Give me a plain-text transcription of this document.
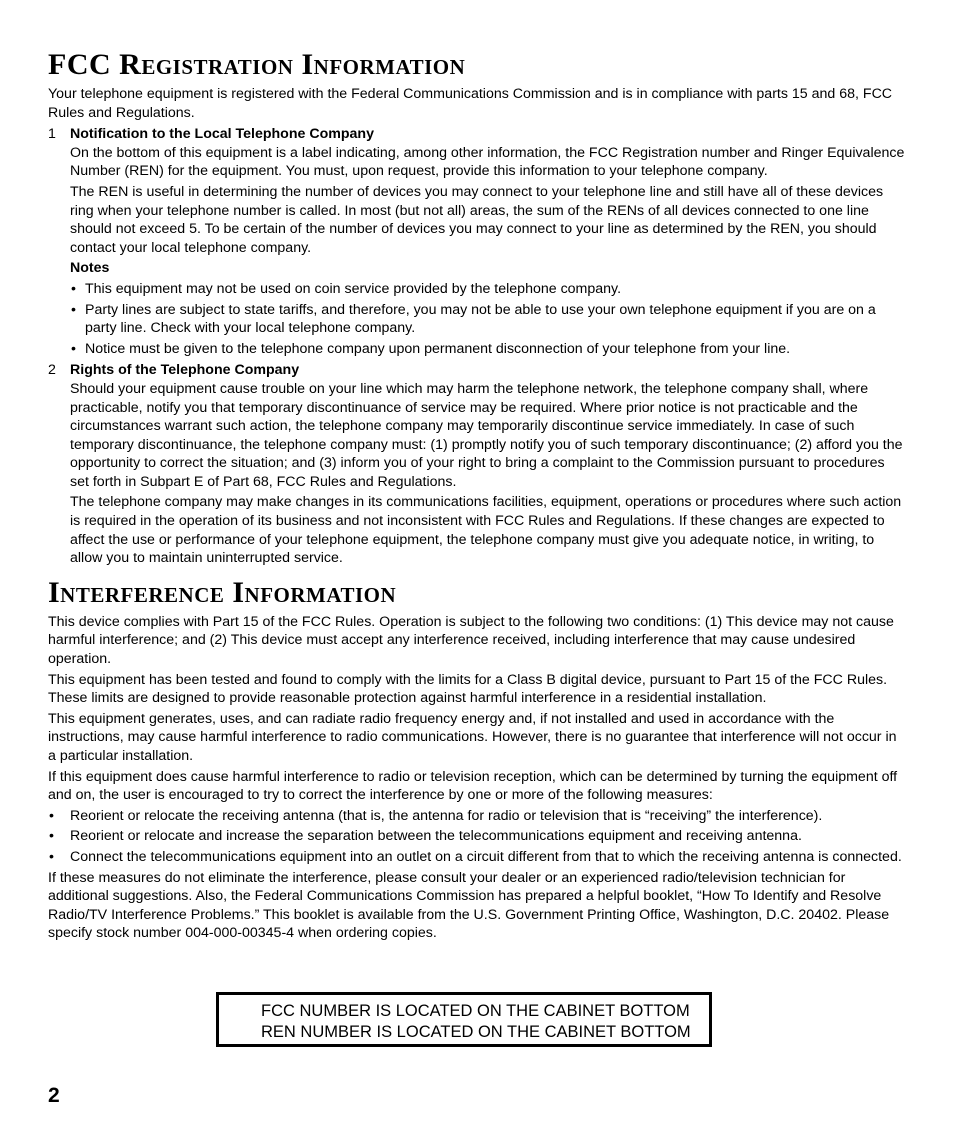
FCC Registration Information

Your telephone equipment is registered with the Federal Communications Commission and is in compliance with parts 15 and 68, FCC Rules and Regulations.

1 Notification to the Local Telephone Company

On the bottom of this equipment is a label indicating, among other information, the FCC Registration number and Ringer Equivalence Number (REN) for the equipment. You must, upon request, provide this information to your telephone company.

The REN is useful in determining the number of devices you may connect to your telephone line and still have all of these devices ring when your telephone number is called. In most (but not all) areas, the sum of the RENs of all devices connected to one line should not exceed 5. To be certain of the number of devices you may connect to your line as determined by the REN, you should contact your local telephone company.

Notes
• This equipment may not be used on coin service provided by the telephone company.
• Party lines are subject to state tariffs, and therefore, you may not be able to use your own telephone equipment if you are on a party line. Check with your local telephone company.
• Notice must be given to the telephone company upon permanent disconnection of your telephone from your line.
2 Rights of the Telephone Company

Should your equipment cause trouble on your line which may harm the telephone network, the telephone company shall, where practicable, notify you that temporary discontinuance of service may be required. Where prior notice is not practicable and the circumstances warrant such action, the telephone company may temporarily discontinue service immediately. In case of such temporary discontinuance, the telephone company must: (1) promptly notify you of such temporary discontinuance; (2) afford you the opportunity to correct the situation; and (3) inform you of your right to bring a complaint to the Commission pursuant to procedures set forth in Subpart E of Part 68, FCC Rules and Regulations.

The telephone company may make changes in its communications facilities, equipment, operations or procedures where such action is required in the operation of its business and not inconsistent with FCC Rules and Regulations. If these changes are expected to affect the use or performance of your telephone equipment, the telephone company must give you adequate notice, in writing, to allow you to maintain uninterrupted service.

Interference Information

This device complies with Part 15 of the FCC Rules. Operation is subject to the following two conditions: (1) This device may not cause harmful interference; and (2) This device must accept any interference received, including interference that may cause undesired operation.

This equipment has been tested and found to comply with the limits for a Class B digital device, pursuant to Part 15 of the FCC Rules. These limits are designed to provide reasonable protection against harmful interference in a residential installation.

This equipment generates, uses, and can radiate radio frequency energy and, if not installed and used in accordance with the instructions, may cause harmful interference to radio communications. However, there is no guarantee that interference will not occur in a particular installation.

If this equipment does cause harmful interference to radio or television reception, which can be determined by turning the equipment off and on, the user is encouraged to try to correct the interference by one or more of the following measures:

• Reorient or relocate the receiving antenna (that is, the antenna for radio or television that is “receiving” the interference).
• Reorient or relocate and increase the separation between the telecommunications equipment and receiving antenna.
• Connect the telecommunications equipment into an outlet on a circuit different from that to which the receiving antenna is connected.

If these measures do not eliminate the interference, please consult your dealer or an experienced radio/television technician for additional suggestions. Also, the Federal Communications Commission has prepared a helpful booklet, “How To Identify and Resolve Radio/TV Interference Problems.” This booklet is available from the U.S. Government Printing Office, Washington, D.C. 20402. Please specify stock number 004-000-00345-4 when ordering copies.

FCC NUMBER IS LOCATED ON THE CABINET BOTTOM
REN NUMBER IS LOCATED ON THE CABINET BOTTOM
2
